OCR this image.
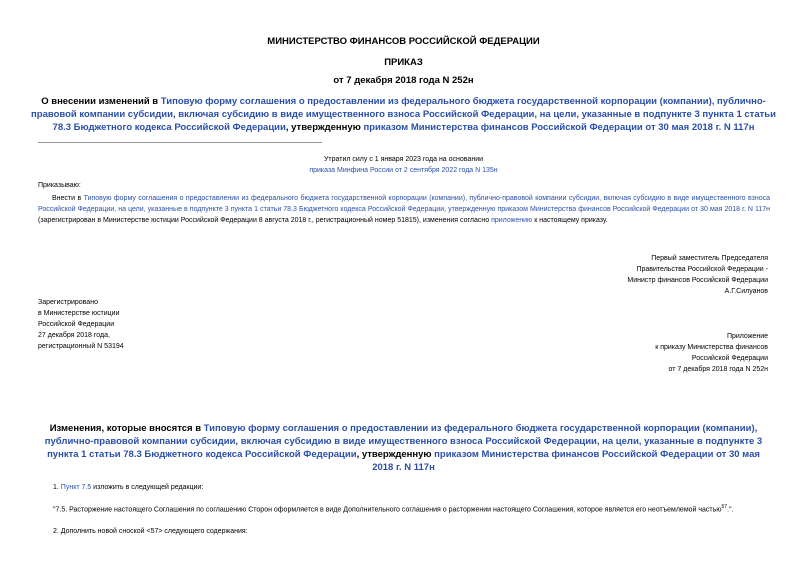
МИНИСТЕРСТВО ФИНАНСОВ РОССИЙСКОЙ ФЕДЕРАЦИИ
ПРИКАЗ
от 7 декабря 2018 года N 252н
О внесении изменений в Типовую форму соглашения о предоставлении из федерального бюджета государственной корпорации (компании), публично-правовой компании субсидии, включая субсидию в виде имущественного взноса Российской Федерации, на цели, указанные в подпункте 3 пункта 1 статьи 78.3 Бюджетного кодекса Российской Федерации, утвержденную приказом Министерства финансов Российской Федерации от 30 мая 2018 г. N 117н
Утратил силу с 1 января 2023 года на основании
приказа Минфина России от 2 сентября 2022 года N 135н
Приказываю:
Внести в Типовую форму соглашения о предоставлении из федерального бюджета государственной корпорации (компании), публично-правовой компании субсидии, включая субсидию в виде имущественного взноса Российской Федерации, на цели, указанные в подпункте 3 пункта 1 статьи 78.3 Бюджетного кодекса Российской Федерации, утвержденную приказом Министерства финансов Российской Федерации от 30 мая 2018 г. N 117н (зарегистрирован в Министерстве юстиции Российской Федерации 8 августа 2018 г., регистрационный номер 51815), изменения согласно приложению к настоящему приказу.
Первый заместитель Председателя
Правительства Российской Федерации -
Министр финансов Российской Федерации
А.Г.Силуанов
Зарегистрировано
в Министерстве юстиции
Российской Федерации
27 декабря 2018 года,
регистрационный N 53194
Приложение
к приказу Министерства финансов
Российской Федерации
от 7 декабря 2018 года N 252н
Изменения, которые вносятся в Типовую форму соглашения о предоставлении из федерального бюджета государственной корпорации (компании), публично-правовой компании субсидии, включая субсидию в виде имущественного взноса Российской Федерации, на цели, указанные в подпункте 3 пункта 1 статьи 78.3 Бюджетного кодекса Российской Федерации, утвержденную приказом Министерства финансов Российской Федерации от 30 мая 2018 г. N 117н
1. Пункт 7.5 изложить в следующей редакции:
"7.5. Расторжение настоящего Соглашения по соглашению Сторон оформляется в виде Дополнительного соглашения о расторжении настоящего Соглашения, которое является его неотъемлемой частью$^{57}$.".
2. Дополнить новой сноской <57> следующего содержания:
